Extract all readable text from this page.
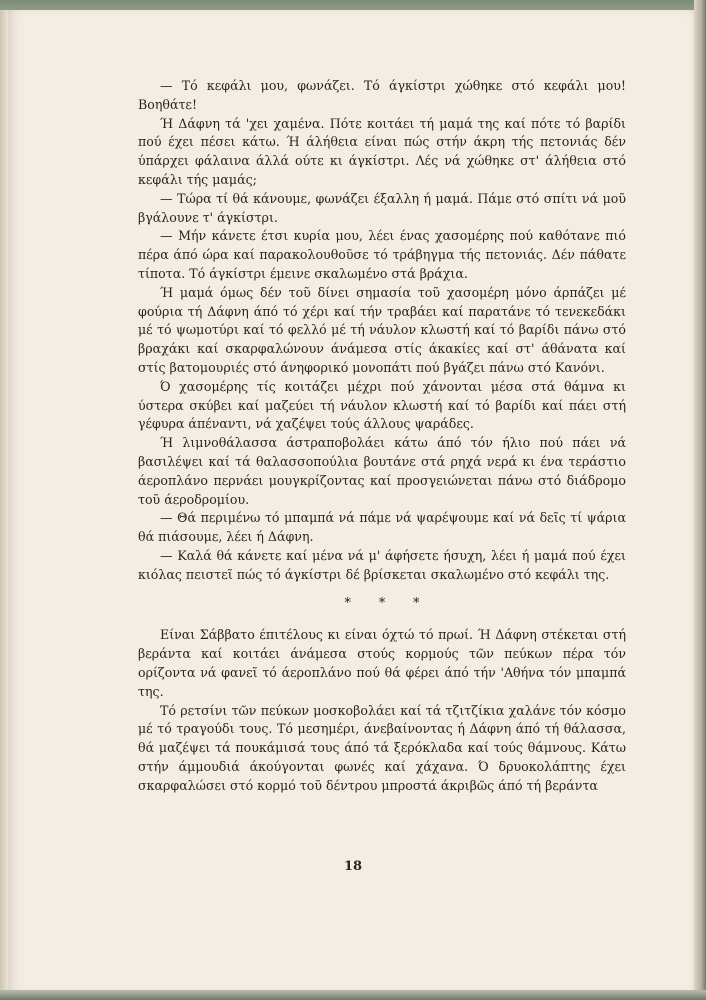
— Τό κεφάλι μου, φωνάζει. Τό άγκίστρι χώθηκε στό κεφάλι μου! Βοηθάτε!

Ή Δάφνη τά 'χει χαμένα. Πότε κοιτάει τή μαμά της καί πότε τό βαρίδι πού έχει πέσει κάτω. Ή άλήθεια είναι πώς στήν άκρη τής πετονιάς δέν ύπάρχει φάλαινα άλλά ούτε κι άγκίστρι. Λές νά χώθηκε στ' άλήθεια στό κεφάλι τής μαμάς;

— Τώρα τί θά κάνουμε, φωνάζει έξαλλη ή μαμά. Πάμε στό σπίτι νά μοῦ βγάλουνε τ' άγκίστρι.

— Μήν κάνετε έτσι κυρία μου, λέει ένας χασομέρης πού καθότανε πιό πέρα άπό ώρα καί παρακολουθοῦσε τό τράβηγμα τής πετονιάς. Δέν πάθατε τίποτα. Τό άγκίστρι έμεινε σκαλωμένο στά βράχια.

Ή μαμά όμως δέν τοῦ δίνει σημασία τοῦ χασομέρη μόνο άρπάζει μέ φούρια τή Δάφνη άπό τό χέρι καί τήν τραβάει καί παρατάνε τό τενεκεδάκι μέ τό ψωμοτύρι καί τό φελλό μέ τή νάυλον κλωστή καί τό βαρίδι πάνω στό βραχάκι καί σκαρφαλώνουν άνάμεσα στίς άκακίες καί στ' άθάνατα καί στίς βατομουριές στό άνηφορικό μονοπάτι πού βγάζει πάνω στό Κανόνι.

Ό χασομέρης τίς κοιτάζει μέχρι πού χάνονται μέσα στά θάμνα κι ύστερα σκύβει καί μαζεύει τή νάυλον κλωστή καί τό βαρίδι καί πάει στή γέφυρα άπέναντι, νά χαζέψει τούς άλλους ψαράδες.

Ή λιμνοθάλασσα άστραποβολάει κάτω άπό τόν ήλιο πού πάει νά βασιλέψει καί τά θαλασσοπούλια βουτάνε στά ρηχά νερά κι ένα τεράστιο άεροπλάνο περνάει μουγκρίζοντας καί προσγειώνεται πάνω στό διάδρομο τοῦ άεροδρομίου.

— Θά περιμένω τό μπαμπά νά πάμε νά ψαρέψουμε καί νά δεῖς τί ψάρια θά πιάσουμε, λέει ή Δάφνη.

— Καλά θά κάνετε καί μένα νά μ' άφήσετε ήσυχη, λέει ή μαμά πού έχει κιόλας πειστεῖ πώς τό άγκίστρι δέ βρίσκεται σκαλωμένο στό κεφάλι της.

* * *

Είναι Σάββατο έπιτέλους κι είναι όχτώ τό πρωί. Ή Δάφνη στέκεται στή βεράντα καί κοιτάει άνάμεσα στούς κορμούς τῶν πεύκων πέρα τόν ορίζοντα νά φανεῖ τό άεροπλάνο πού θά φέρει άπό τήν 'Αθήνα τόν μπαμπά της.

Τό ρετσίνι τῶν πεύκων μοσκοβολάει καί τά τζιτζίκια χαλάνε τόν κόσμο μέ τό τραγούδι τους. Τό μεσημέρι, άνεβαίνοντας ή Δάφνη άπό τή θάλασσα, θά μαζέψει τά πουκάμισά τους άπό τά ξερόκλαδα καί τούς θάμνους. Κάτω στήν άμμουδιά άκούγονται φωνές καί χάχανα. Ό δρυοκολάπτης έχει σκαρφαλώσει στό κορμό τοῦ δέντρου μπροστά άκριβῶς άπό τή βεράντα

18
